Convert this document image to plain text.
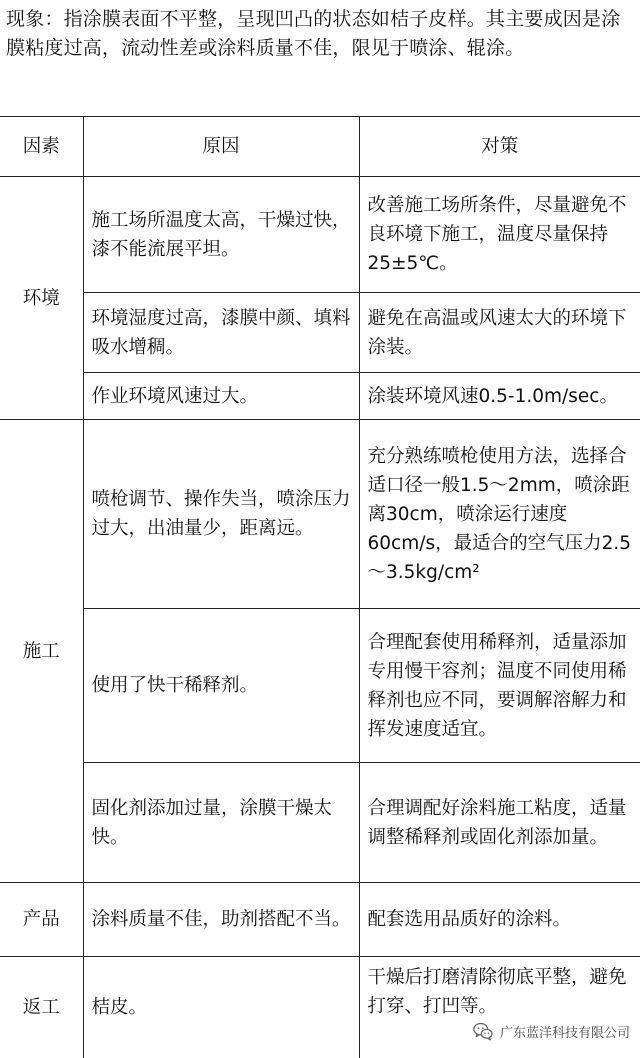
现象：指涂膜表面不平整，呈现凹凸的状态如桔子皮样。其主要成因是涂膜粘度过高，流动性差或涂料质量不佳，限见于喷涂、辊涂。
因素	原因	对策
环境	施工场所温度太高，干燥过快，漆不能流展平坦。	改善施工场所条件，尽量避免不良环境下施工，温度尽量保持25±5℃。
	环境湿度过高，漆膜中颜、填料吸水增稠。	避免在高温或风速太大的环境下涂装。
	作业环境风速过大。	涂装环境风速0.5-1.0m/sec。
施工	喷枪调节、操作失当，喷涂压力过大，出油量少，距离远。	充分熟练喷枪使用方法，选择合适口径一般1.5～2mm，喷涂距离30cm，喷涂运行速度60cm/s，最适合的空气压力2.5～3.5kg/cm²
	使用了快干稀释剂。	合理配套使用稀释剂，适量添加专用慢干容剂；温度不同使用稀释剂也应不同，要调解溶解力和挥发速度适宜。
	固化剂添加过量，涂膜干燥太快。	合理调配好涂料施工粘度，适量调整稀释剂或固化剂添加量。
产品	涂料质量不佳，助剂搭配不当。	配套选用品质好的涂料。
返工	桔皮。	干燥后打磨清除彻底平整，避免打穿、打凹等。
广东蓝洋科技有限公司
